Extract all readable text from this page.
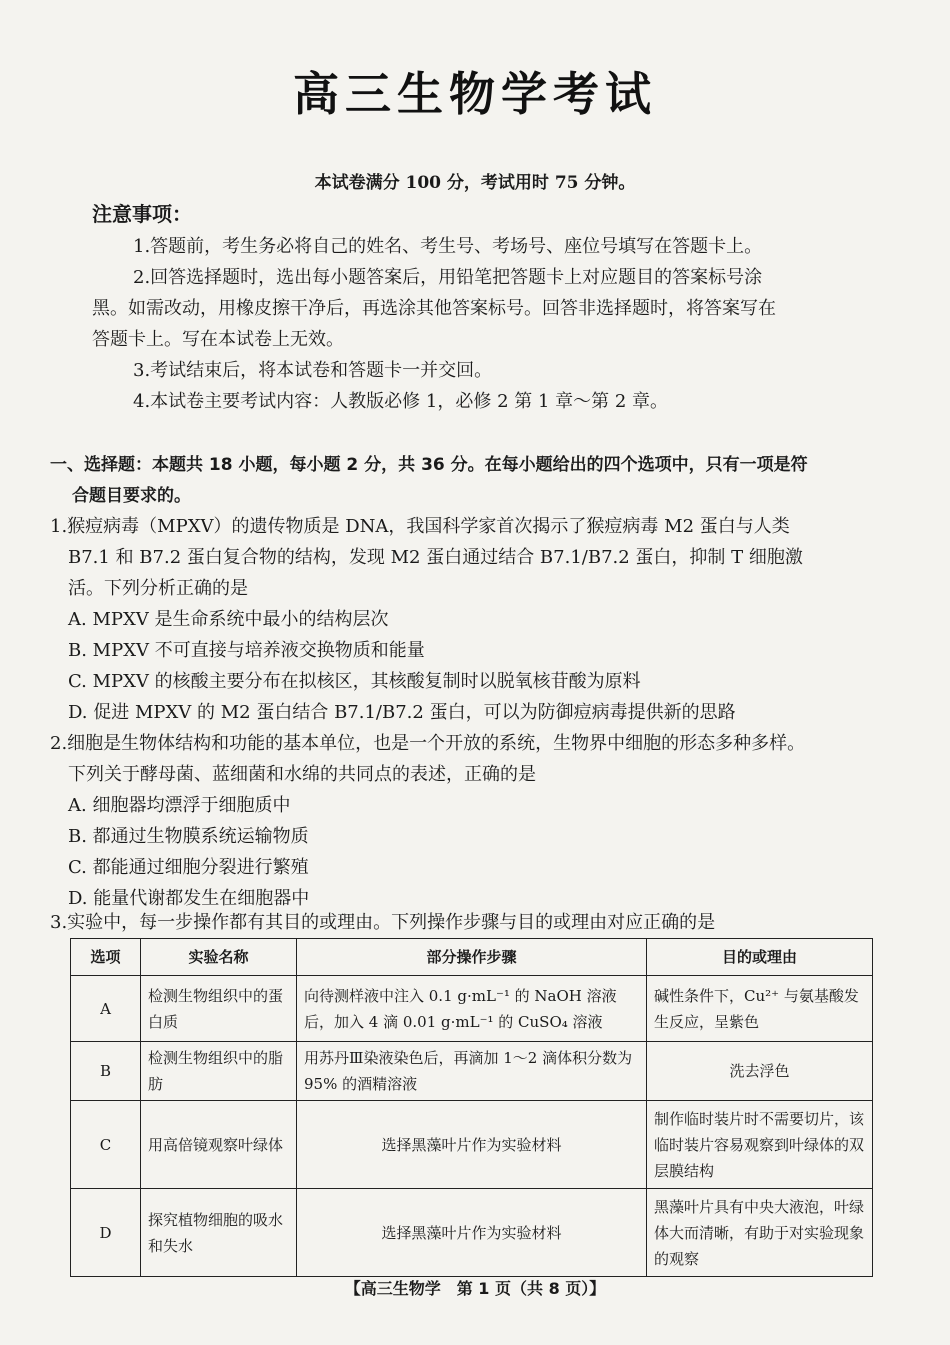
高三生物学考试
本试卷满分 100 分，考试用时 75 分钟。
注意事项：
1.答题前，考生务必将自己的姓名、考生号、考场号、座位号填写在答题卡上。
2.回答选择题时，选出每小题答案后，用铅笔把答题卡上对应题目的答案标号涂
黑。如需改动，用橡皮擦干净后，再选涂其他答案标号。回答非选择题时，将答案写在
答题卡上。写在本试卷上无效。
3.考试结束后，将本试卷和答题卡一并交回。
4.本试卷主要考试内容：人教版必修 1，必修 2 第 1 章～第 2 章。
一、选择题：本题共 18 小题，每小题 2 分，共 36 分。在每小题给出的四个选项中，只有一项是符
合题目要求的。
1.猴痘病毒（MPXV）的遗传物质是 DNA，我国科学家首次揭示了猴痘病毒 M2 蛋白与人类
B7.1 和 B7.2 蛋白复合物的结构，发现 M2 蛋白通过结合 B7.1/B7.2 蛋白，抑制 T 细胞激
活。下列分析正确的是
A. MPXV 是生命系统中最小的结构层次
B. MPXV 不可直接与培养液交换物质和能量
C. MPXV 的核酸主要分布在拟核区，其核酸复制时以脱氧核苷酸为原料
D. 促进 MPXV 的 M2 蛋白结合 B7.1/B7.2 蛋白，可以为防御痘病毒提供新的思路
2.细胞是生物体结构和功能的基本单位，也是一个开放的系统，生物界中细胞的形态多种多样。
下列关于酵母菌、蓝细菌和水绵的共同点的表述，正确的是
A. 细胞器均漂浮于细胞质中
B. 都通过生物膜系统运输物质
C. 都能通过细胞分裂进行繁殖
D. 能量代谢都发生在细胞器中
3.实验中，每一步操作都有其目的或理由。下列操作步骤与目的或理由对应正确的是
选项	实验名称	部分操作步骤	目的或理由
A	检测生物组织中的蛋白质	向待测样液中注入 0.1 g·mL⁻¹ 的 NaOH 溶液后，加入 4 滴 0.01 g·mL⁻¹ 的 CuSO₄ 溶液	碱性条件下，Cu²⁺ 与氨基酸发生反应，呈紫色
B	检测生物组织中的脂肪	用苏丹Ⅲ染液染色后，再滴加 1～2 滴体积分数为 95% 的酒精溶液	洗去浮色
C	用高倍镜观察叶绿体	选择黑藻叶片作为实验材料	制作临时装片时不需要切片，该临时装片容易观察到叶绿体的双层膜结构
D	探究植物细胞的吸水和失水	选择黑藻叶片作为实验材料	黑藻叶片具有中央大液泡，叶绿体大而清晰，有助于对实验现象的观察
【高三生物学　第 1 页（共 8 页）】
